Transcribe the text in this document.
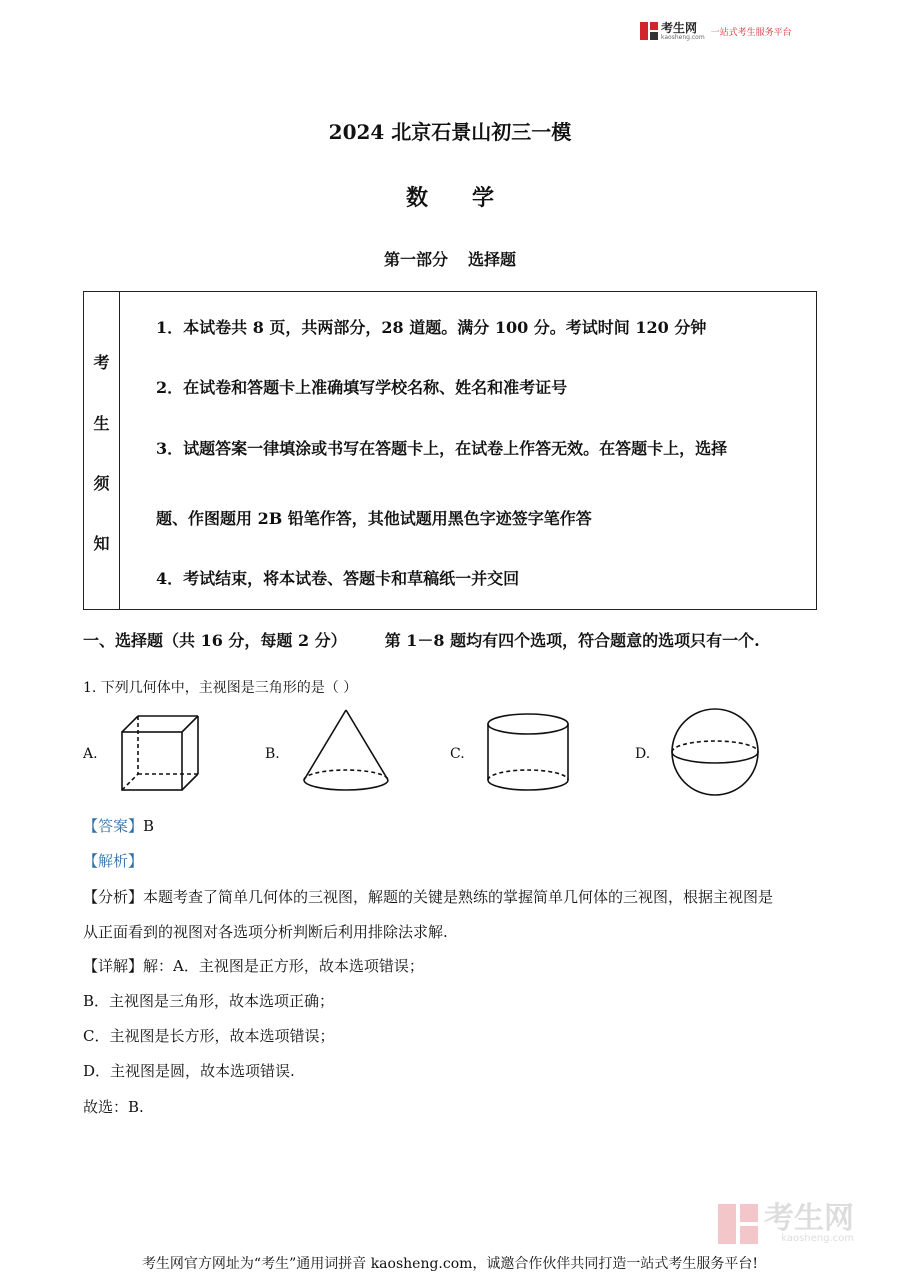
考生网
kaosheng.com 一站式考生服务平台
2024 北京石景山初三一模
数学
第一部分 选择题
考
生
须
知
1．本试卷共 8 页，共两部分，28 道题。满分 100 分。考试时间 120 分钟
2．在试卷和答题卡上准确填写学校名称、姓名和准考证号
3．试题答案一律填涂或书写在答题卡上，在试卷上作答无效。在答题卡上，选择
题、作图题用 2B 铅笔作答，其他试题用黑色字迹签字笔作答
4．考试结束，将本试卷、答题卡和草稿纸一并交回
一、选择题（共 16 分，每题 2 分） 第 1－8 题均有四个选项，符合题意的选项只有一个.
1. 下列几何体中，主视图是三角形的是（ ）
A.	B.	C.	D.
【答案】B
【解析】
【分析】本题考查了简单几何体的三视图，解题的关键是熟练的掌握简单几何体的三视图，根据主视图是
从正面看到的视图对各选项分析判断后利用排除法求解.
【详解】解：A．主视图是正方形，故本选项错误；
B．主视图是三角形，故本选项正确；
C．主视图是长方形，故本选项错误；
D．主视图是圆，故本选项错误.
故选：B.
考生网
kaosheng.com
考生网官方网址为“考生”通用词拼音 kaosheng.com，诚邀合作伙伴共同打造一站式考生服务平台!
